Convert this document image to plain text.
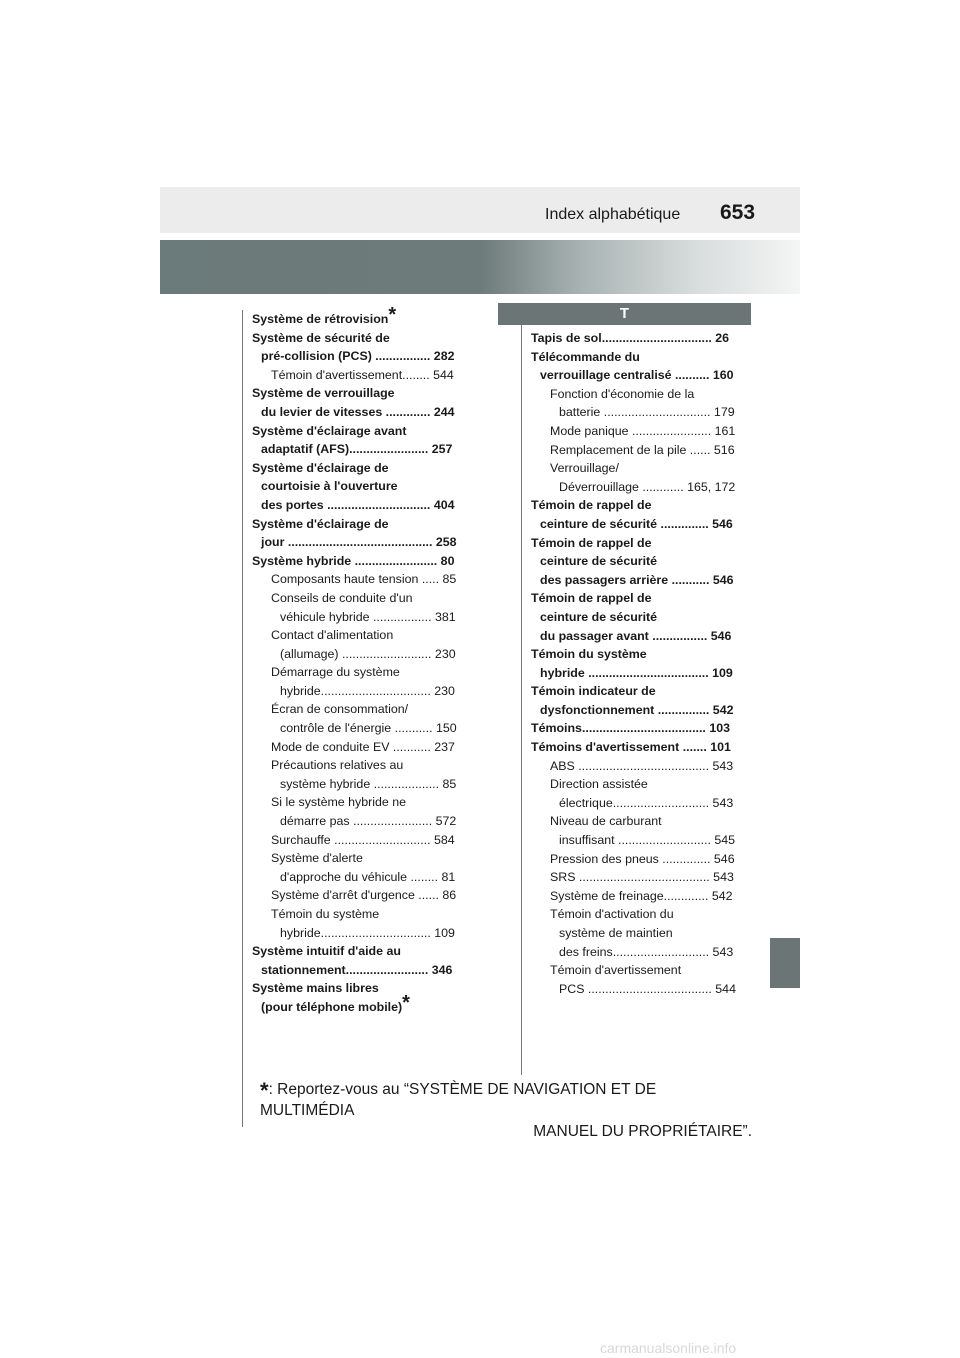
Index alphabétique 653
T
Système de rétrovision*
Système de sécurité de
pré-collision (PCS) ................ 282
Témoin d'avertissement........ 544
Système de verrouillage
du levier de vitesses ............. 244
Système d'éclairage avant
adaptatif (AFS)....................... 257
Système d'éclairage de
courtoisie à l'ouverture
des portes .............................. 404
Système d'éclairage de
jour .......................................... 258
Système hybride ........................ 80
Composants haute tension ..... 85
Conseils de conduite d'un
véhicule hybride ................. 381
Contact d'alimentation
(allumage) .......................... 230
Démarrage du système
hybride................................ 230
Écran de consommation/
contrôle de l'énergie ........... 150
Mode de conduite EV ........... 237
Précautions relatives au
système hybride ................... 85
Si le système hybride ne
démarre pas ....................... 572
Surchauffe ............................ 584
Système d'alerte
d'approche du véhicule ........ 81
Système d'arrêt d'urgence ...... 86
Témoin du système
hybride................................ 109
Système intuitif d'aide au
stationnement........................ 346
Système mains libres
(pour téléphone mobile)*
Tapis de sol................................ 26
Télécommande du
verrouillage centralisé .......... 160
Fonction d'économie de la
batterie ............................... 179
Mode panique ....................... 161
Remplacement de la pile ...... 516
Verrouillage/
Déverrouillage ............ 165, 172
Témoin de rappel de
ceinture de sécurité .............. 546
Témoin de rappel de
ceinture de sécurité
des passagers arrière ........... 546
Témoin de rappel de
ceinture de sécurité
du passager avant ................ 546
Témoin du système
hybride ................................... 109
Témoin indicateur de
dysfonctionnement ............... 542
Témoins.................................... 103
Témoins d'avertissement ....... 101
ABS ...................................... 543
Direction assistée
électrique............................ 543
Niveau de carburant
insuffisant ........................... 545
Pression des pneus .............. 546
SRS ...................................... 543
Système de freinage............. 542
Témoin d'activation du
système de maintien
des freins............................ 543
Témoin d'avertissement
PCS .................................... 544
*: Reportez-vous au “SYSTÈME DE NAVIGATION ET DE MULTIMÉDIA
MANUEL DU PROPRIÉTAIRE”.
carmanualsonline.info
